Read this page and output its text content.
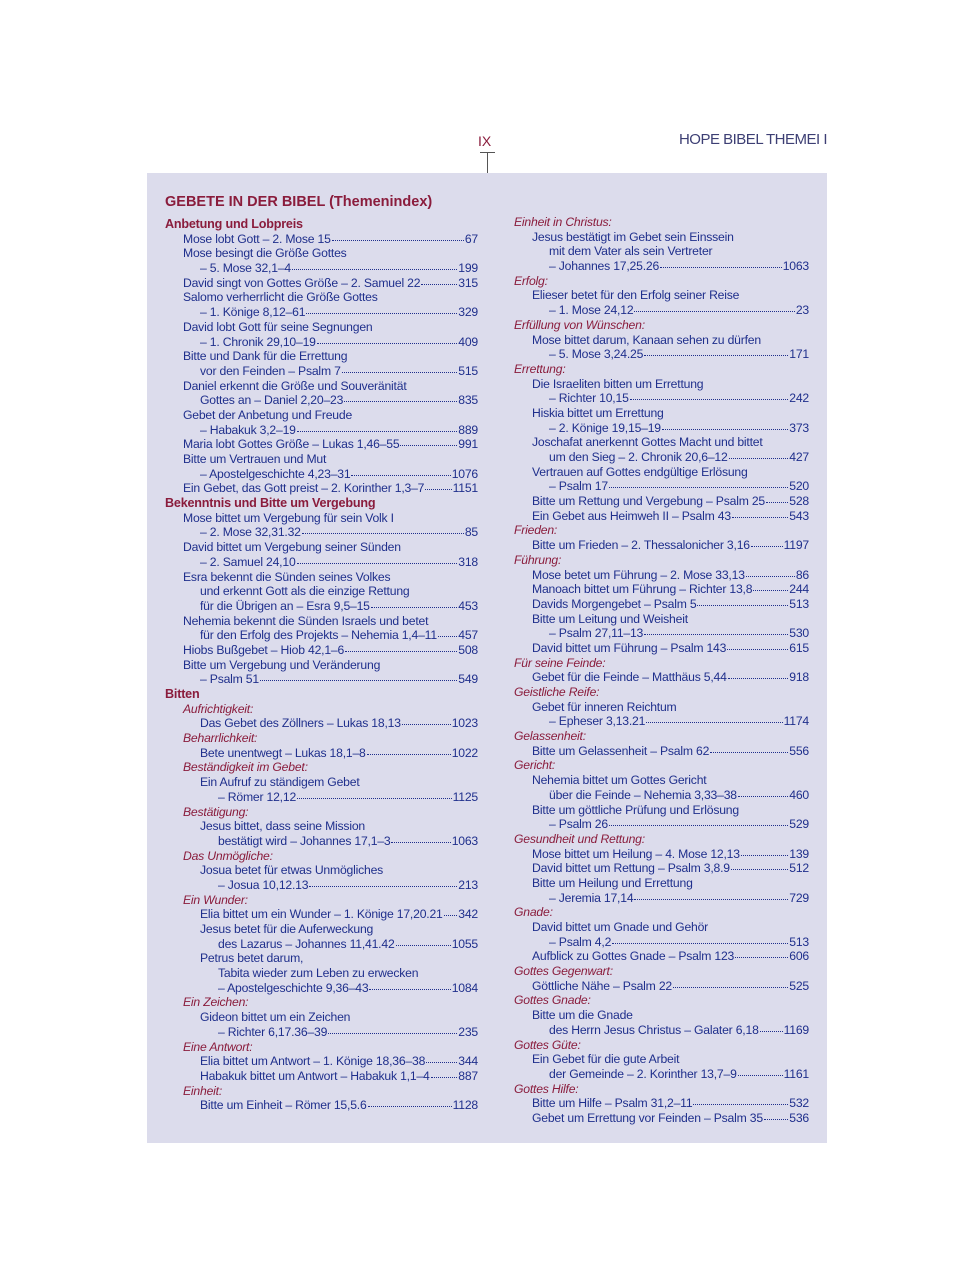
IX	HOPE BIBEL THEMEI I
GEBETE IN DER BIBEL (Themenindex)
Anbetung und Lobpreis
Mose lobt Gott – 2. Mose 15	67
Mose besingt die Größe Gottes
– 5. Mose 32,1–4	199
David singt von Gottes Größe – 2. Samuel 22	315
Salomo verherrlicht die Größe Gottes
– 1. Könige 8,12–61	329
David lobt Gott für seine Segnungen
– 1. Chronik 29,10–19	409
Bitte und Dank für die Errettung
vor den Feinden – Psalm 7	515
Daniel erkennt die Größe und Souveränität
Gottes an – Daniel 2,20–23	835
Gebet der Anbetung und Freude
– Habakuk 3,2–19	889
Maria lobt Gottes Größe – Lukas 1,46–55	991
Bitte um Vertrauen und Mut
– Apostelgeschichte 4,23–31	1076
Ein Gebet, das Gott preist – 2. Korinther 1,3–7 1151
Bekenntnis und Bitte um Vergebung
Mose bittet um Vergebung für sein Volk I
– 2. Mose 32,31.32	85
David bittet um Vergebung seiner Sünden
– 2. Samuel 24,10	318
Esra bekennt die Sünden seines Volkes
und erkennt Gott als die einzige Rettung
für die Übrigen an – Esra 9,5–15	453
Nehemia bekennt die Sünden Israels und betet
für den Erfolg des Projekts – Nehemia 1,4–11 457
Hiobs Bußgebet – Hiob 42,1–6	508
Bitte um Vergebung und Veränderung
– Psalm 51	549
Bitten
Aufrichtigkeit:
Das Gebet des Zöllners – Lukas 18,13	1023
Beharrlichkeit:
Bete unentwegt – Lukas 18,1–8	1022
Beständigkeit im Gebet:
Ein Aufruf zu ständigem Gebet
– Römer 12,12	1125
Bestätigung:
Jesus bittet, dass seine Mission
bestätigt wird – Johannes 17,1–3	1063
Das Unmögliche:
Josua betet für etwas Unmögliches
– Josua 10,12.13	213
Ein Wunder:
Elia bittet um ein Wunder – 1. Könige 17,20.21 342
Jesus betet für die Auferweckung
des Lazarus – Johannes 11,41.42	1055
Petrus betet darum,
Tabita wieder zum Leben zu erwecken
– Apostelgeschichte 9,36–43	1084
Ein Zeichen:
Gideon bittet um ein Zeichen
– Richter 6,17.36–39	235
Eine Antwort:
Elia bittet um Antwort – 1. Könige 18,36–38	344
Habakuk bittet um Antwort – Habakuk 1,1–4 887
Einheit:
Bitte um Einheit – Römer 15,5.6	1128
Einheit in Christus:
Jesus bestätigt im Gebet sein Einssein
mit dem Vater als sein Vertreter
– Johannes 17,25.26	1063
Erfolg:
Elieser betet für den Erfolg seiner Reise
– 1. Mose 24,12	23
Erfüllung von Wünschen:
Mose bittet darum, Kanaan sehen zu dürfen
– 5. Mose 3,24.25	171
Errettung:
Die Israeliten bitten um Errettung
– Richter 10,15	242
Hiskia bittet um Errettung
– 2. Könige 19,15–19	373
Joschafat anerkennt Gottes Macht und bittet
um den Sieg – 2. Chronik 20,6–12	427
Vertrauen auf Gottes endgültige Erlösung
– Psalm 17	520
Bitte um Rettung und Vergebung – Psalm 25 528
Ein Gebet aus Heimweh II – Psalm 43	543
Frieden:
Bitte um Frieden – 2. Thessalonicher 3,16	1197
Führung:
Mose betet um Führung – 2. Mose 33,13	86
Manoach bittet um Führung – Richter 13,8	244
Davids Morgengebet – Psalm 5	513
Bitte um Leitung und Weisheit
– Psalm 27,11–13	530
David bittet um Führung – Psalm 143	615
Für seine Feinde:
Gebet für die Feinde – Matthäus 5,44	918
Geistliche Reife:
Gebet für inneren Reichtum
– Epheser 3,13.21	1174
Gelassenheit:
Bitte um Gelassenheit – Psalm 62	556
Gericht:
Nehemia bittet um Gottes Gericht
über die Feinde – Nehemia 3,33–38	460
Bitte um göttliche Prüfung und Erlösung
– Psalm 26	529
Gesundheit und Rettung:
Mose bittet um Heilung – 4. Mose 12,13	139
David bittet um Rettung – Psalm 3,8.9	512
Bitte um Heilung und Errettung
– Jeremia 17,14	729
Gnade:
David bittet um Gnade und Gehör
– Psalm 4,2	513
Aufblick zu Gottes Gnade – Psalm 123	606
Gottes Gegenwart:
Göttliche Nähe – Psalm 22	525
Gottes Gnade:
Bitte um die Gnade
des Herrn Jesus Christus – Galater 6,18 1169
Gottes Güte:
Ein Gebet für die gute Arbeit
der Gemeinde – 2. Korinther 13,7–9	1161
Gottes Hilfe:
Bitte um Hilfe – Psalm 31,2–11	532
Gebet um Errettung vor Feinden – Psalm 35 536
